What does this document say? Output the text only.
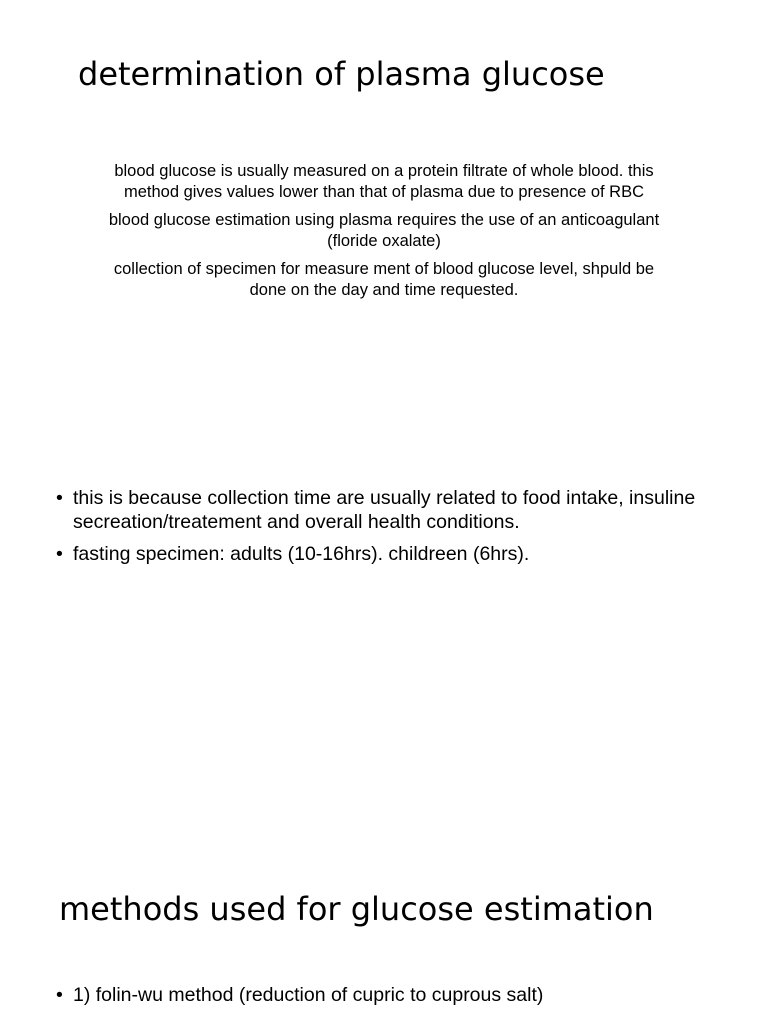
determination of plasma glucose

blood glucose is usually measured on a protein filtrate of whole blood. this method gives values lower than that of plasma due to presence of RBC

blood glucose estimation using plasma requires the use of an anticoagulant (floride oxalate)

collection of specimen for measure ment of blood glucose level, shpuld be done on the day and time requested.

• this is because collection time are usually related to food intake, insuline secreation/treatement and overall health conditions.
• fasting specimen: adults (10-16hrs). childreen (6hrs).
methods used for glucose estimation
• 1) folin-wu method (reduction of cupric to cuprous salt)
